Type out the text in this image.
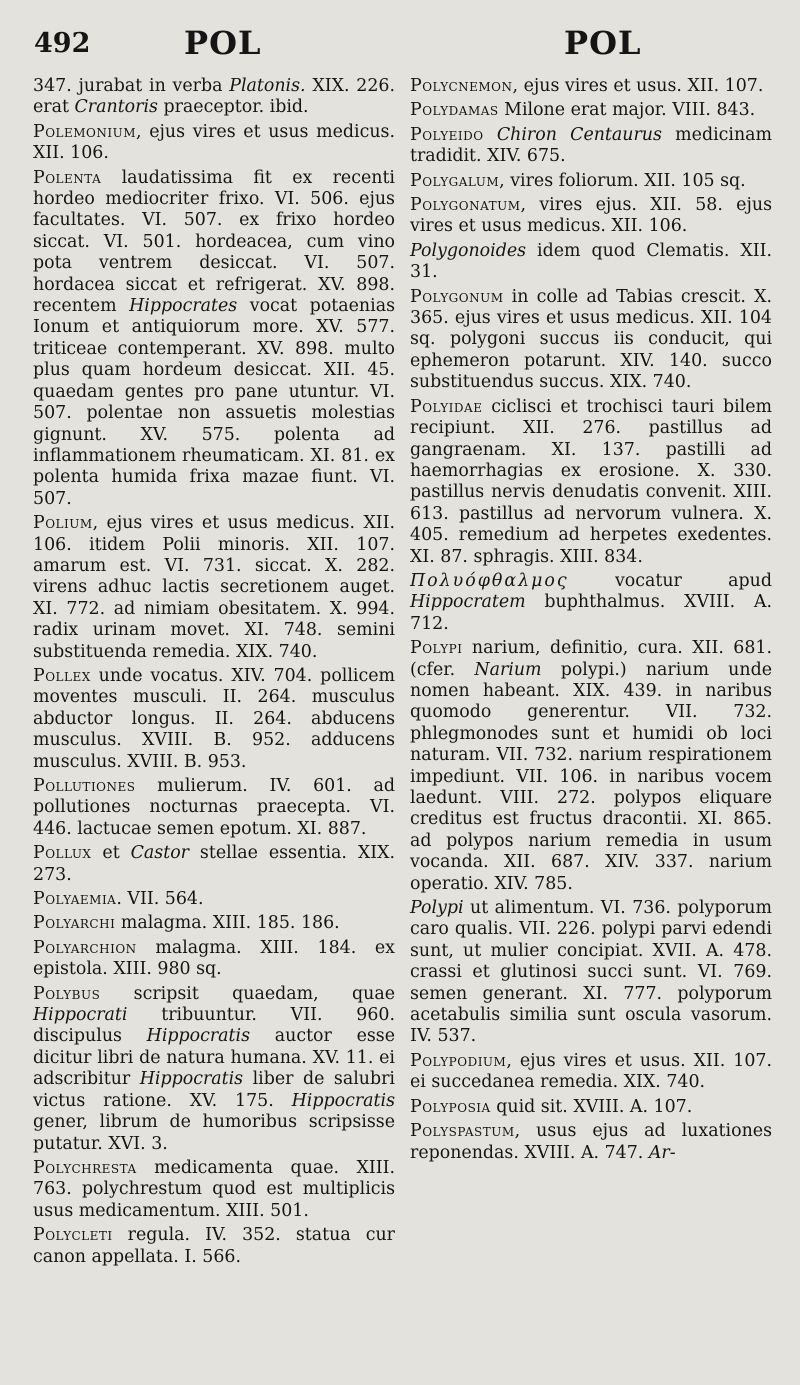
492	POL	POL

347. jurabat in verba Platonis. XIX. 226. erat Crantoris praeceptor. ibid.

Polemonium, ejus vires et usus medicus. XII. 106.

Polenta laudatissima fit ex recenti hordeo mediocriter frixo. VI. 506. ejus facultates. VI. 507. ex frixo hordeo siccat. VI. 501. hordeacea, cum vino pota ventrem desiccat. VI. 507. hordacea siccat et refrigerat. XV. 898. recentem Hippocrates vocat potaenias Ionum et antiquiorum more. XV. 577. triticeae contemperant. XV. 898. multo plus quam hordeum desiccat. XII. 45. quaedam gentes pro pane utuntur. VI. 507. polentae non assuetis molestias gignunt. XV. 575. polenta ad inflammationem rheumaticam. XI. 81. ex polenta humida frixa mazae fiunt. VI. 507.

Polium, ejus vires et usus medicus. XII. 106. itidem Polii minoris. XII. 107. amarum est. VI. 731. siccat. X. 282. virens adhuc lactis secretionem auget. XI. 772. ad nimiam obesitatem. X. 994. radix urinam movet. XI. 748. semini substituenda remedia. XIX. 740.

Pollex unde vocatus. XIV. 704. pollicem moventes musculi. II. 264. musculus abductor longus. II. 264. abducens musculus. XVIII. B. 952. adducens musculus. XVIII. B. 953.

Pollutiones mulierum. IV. 601. ad pollutiones nocturnas praecepta. VI. 446. lactucae semen epotum. XI. 887.

Pollux et Castor stellae essentia. XIX. 273.

Polyaemia. VII. 564.

Polyarchi malagma. XIII. 185. 186.

Polyarchion malagma. XIII. 184. ex epistola. XIII. 980 sq.

Polybus scripsit quaedam, quae Hippocrati tribuuntur. VII. 960. discipulus Hippocratis auctor esse dicitur libri de natura humana. XV. 11. ei adscribitur Hippocratis liber de salubri victus ratione. XV. 175. Hippocratis gener, librum de humoribus scripsisse putatur. XVI. 3.

Polychresta medicamenta quae. XIII. 763. polychrestum quod est multiplicis usus medicamentum. XIII. 501.

Polycleti regula. IV. 352. statua cur canon appellata. I. 566.

Polycnemon, ejus vires et usus. XII. 107.

Polydamas Milone erat major. VIII. 843.

Polyeido Chiron Centaurus medicinam tradidit. XIV. 675.

Polygalum, vires foliorum. XII. 105 sq.

Polygonatum, vires ejus. XII. 58. ejus vires et usus medicus. XII. 106.

Polygonoides idem quod Clematis. XII. 31.

Polygonum in colle ad Tabias crescit. X. 365. ejus vires et usus medicus. XII. 104 sq. polygoni succus iis conducit, qui ephemeron potarunt. XIV. 140. succo substituendus succus. XIX. 740.

Polyidae ciclisci et trochisci tauri bilem recipiunt. XII. 276. pastillus ad gangraenam. XI. 137. pastilli ad haemorrhagias ex erosione. X. 330. pastillus nervis denudatis convenit. XIII. 613. pastillus ad nervorum vulnera. X. 405. remedium ad herpetes exedentes. XI. 87. sphragis. XIII. 834.

Πολυόφθαλμος vocatur apud Hippocratem buphthalmus. XVIII. A. 712.

Polypi narium, definitio, cura. XII. 681. (cfer. Narium polypi.) narium unde nomen habeant. XIX. 439. in naribus quomodo generentur. VII. 732. phlegmonodes sunt et humidi ob loci naturam. VII. 732. narium respirationem impediunt. VII. 106. in naribus vocem laedunt. VIII. 272. polypos eliquare creditus est fructus dracontii. XI. 865. ad polypos narium remedia in usum vocanda. XII. 687. XIV. 337. narium operatio. XIV. 785.

Polypi ut alimentum. VI. 736. polyporum caro qualis. VII. 226. polypi parvi edendi sunt, ut mulier concipiat. XVII. A. 478. crassi et glutinosi succi sunt. VI. 769. semen generant. XI. 777. polyporum acetabulis similia sunt oscula vasorum. IV. 537.

Polypodium, ejus vires et usus. XII. 107. ei succedanea remedia. XIX. 740.

Polyposia quid sit. XVIII. A. 107.

Polyspastum, usus ejus ad luxationes reponendas. XVIII. A. 747. Ar-
